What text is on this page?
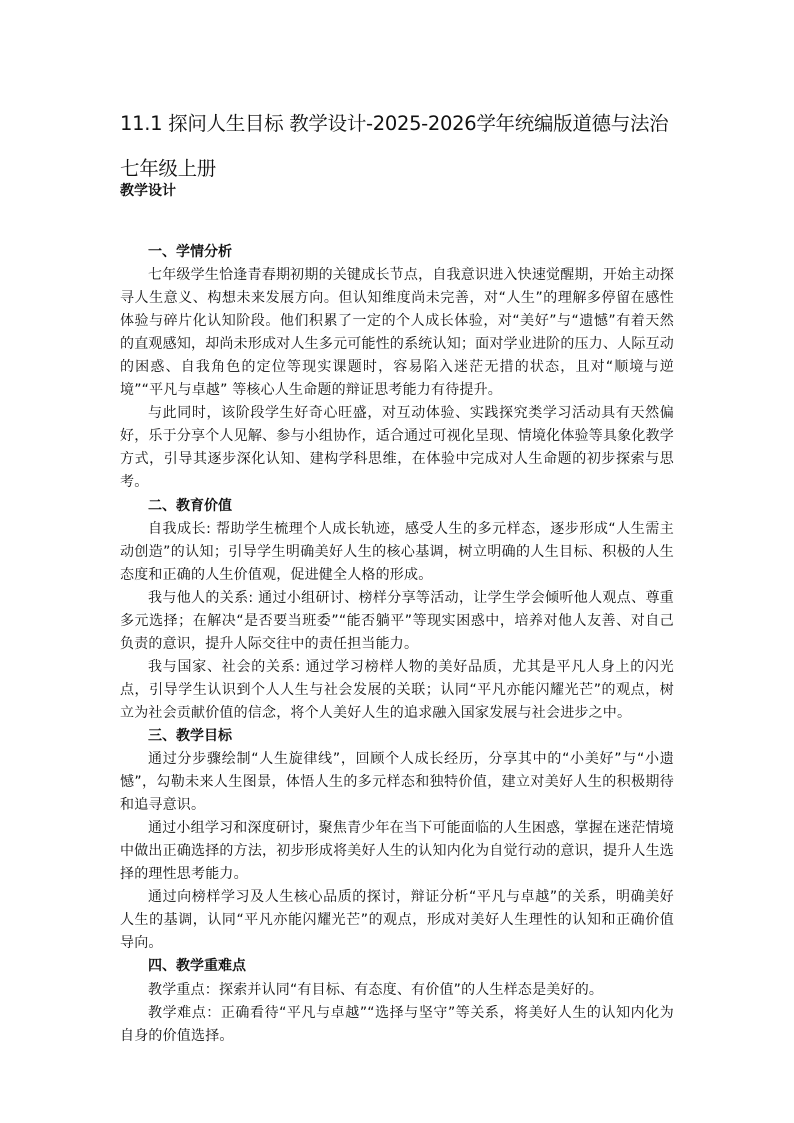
11.1 探问人生目标 教学设计-2025-2026学年统编版道德与法治七年级上册
教学设计
一、学情分析

七年级学生恰逢青春期初期的关键成长节点，自我意识进入快速觉醒期，开始主动探寻人生意义、构想未来发展方向。但认知维度尚未完善，对“人生”的理解多停留在感性体验与碎片化认知阶段。他们积累了一定的个人成长体验，对“美好”与“遗憾”有着天然的直观感知，却尚未形成对人生多元可能性的系统认知；面对学业进阶的压力、人际互动的困惑、自我角色的定位等现实课题时，容易陷入迷茫无措的状态，且对“顺境与逆境”“平凡与卓越” 等核心人生命题的辩证思考能力有待提升。

与此同时，该阶段学生好奇心旺盛，对互动体验、实践探究类学习活动具有天然偏好，乐于分享个人见解、参与小组协作，适合通过可视化呈现、情境化体验等具象化教学方式，引导其逐步深化认知、建构学科思维，在体验中完成对人生命题的初步探索与思考。

二、教育价值

自我成长: 帮助学生梳理个人成长轨迹，感受人生的多元样态，逐步形成“人生需主动创造”的认知；引导学生明确美好人生的核心基调，树立明确的人生目标、积极的人生态度和正确的人生价值观，促进健全人格的形成。

我与他人的关系: 通过小组研讨、榜样分享等活动，让学生学会倾听他人观点、尊重多元选择；在解决“是否要当班委”“能否躺平”等现实困惑中，培养对他人友善、对自己负责的意识，提升人际交往中的责任担当能力。

我与国家、社会的关系: 通过学习榜样人物的美好品质，尤其是平凡人身上的闪光点，引导学生认识到个人人生与社会发展的关联；认同“平凡亦能闪耀光芒”的观点，树立为社会贡献价值的信念，将个人美好人生的追求融入国家发展与社会进步之中。

三、教学目标

通过分步骤绘制“人生旋律线”，回顾个人成长经历，分享其中的“小美好”与“小遗憾”，勾勒未来人生图景，体悟人生的多元样态和独特价值，建立对美好人生的积极期待和追寻意识。

通过小组学习和深度研讨，聚焦青少年在当下可能面临的人生困惑，掌握在迷茫情境中做出正确选择的方法，初步形成将美好人生的认知内化为自觉行动的意识，提升人生选择的理性思考能力。

通过向榜样学习及人生核心品质的探讨，辩证分析“平凡与卓越”的关系，明确美好人生的基调，认同“平凡亦能闪耀光芒”的观点，形成对美好人生理性的认知和正确价值导向。

四、教学重难点

教学重点：探索并认同“有目标、有态度、有价值”的人生样态是美好的。

教学难点：正确看待“平凡与卓越”“选择与坚守”等关系，将美好人生的认知内化为自身的价值选择。
